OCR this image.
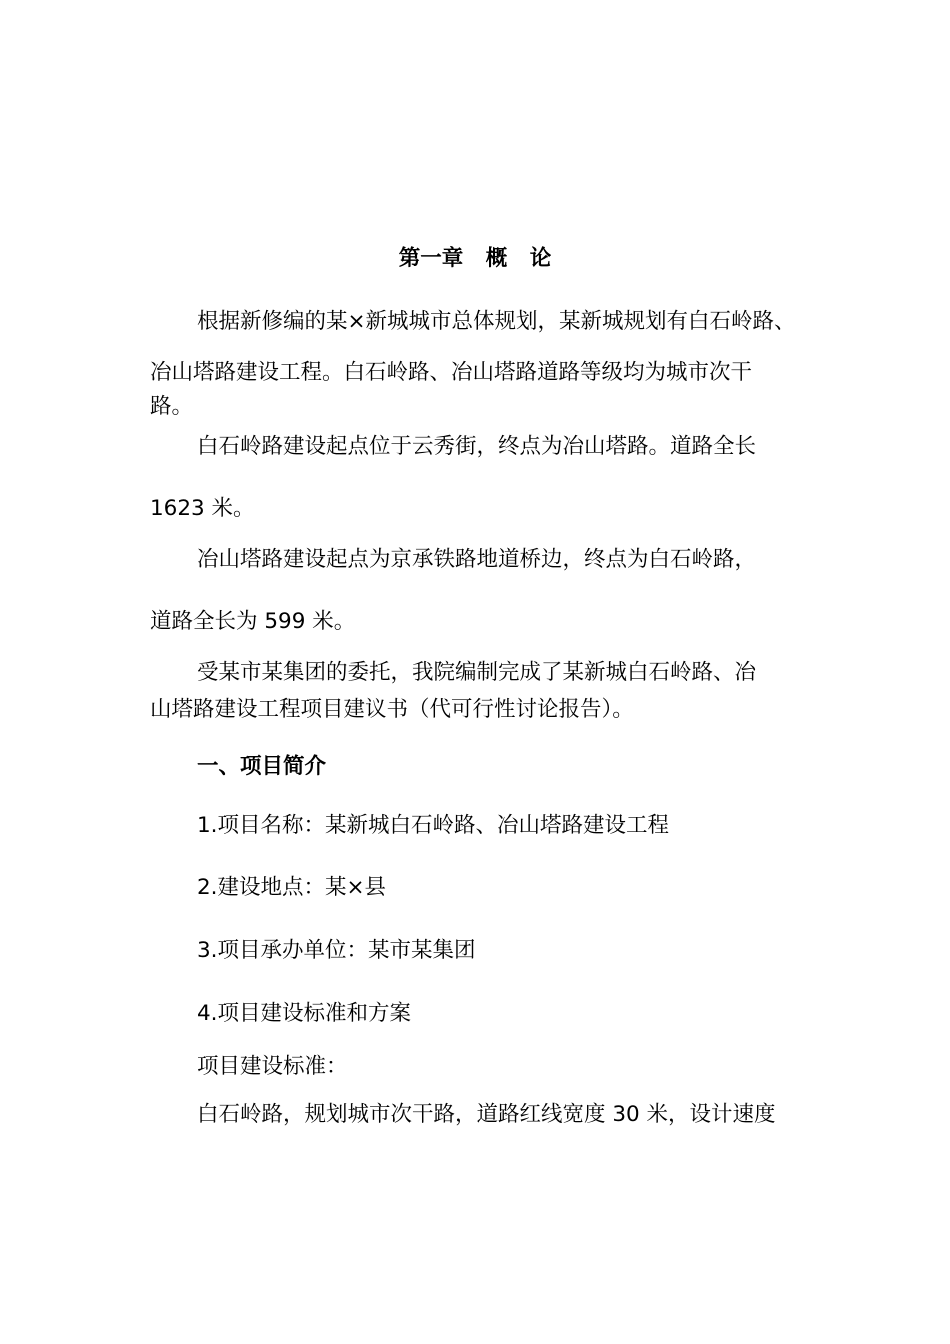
第一章   概   论
根据新修编的某×新城城市总体规划，某新城规划有白石岭路、
冶山塔路建设工程。白石岭路、冶山塔路道路等级均为城市次干
路。
白石岭路建设起点位于云秀街，终点为冶山塔路。道路全长
1623 米。
冶山塔路建设起点为京承铁路地道桥边，终点为白石岭路，
道路全长为 599 米。
受某市某集团的委托，我院编制完成了某新城白石岭路、冶
山塔路建设工程项目建议书（代可行性讨论报告）。
一、项目简介
1.项目名称：某新城白石岭路、冶山塔路建设工程
2.建设地点：某×县
3.项目承办单位：某市某集团
4.项目建设标准和方案
项目建设标准：
白石岭路，规划城市次干路，道路红线宽度 30 米，设计速度
